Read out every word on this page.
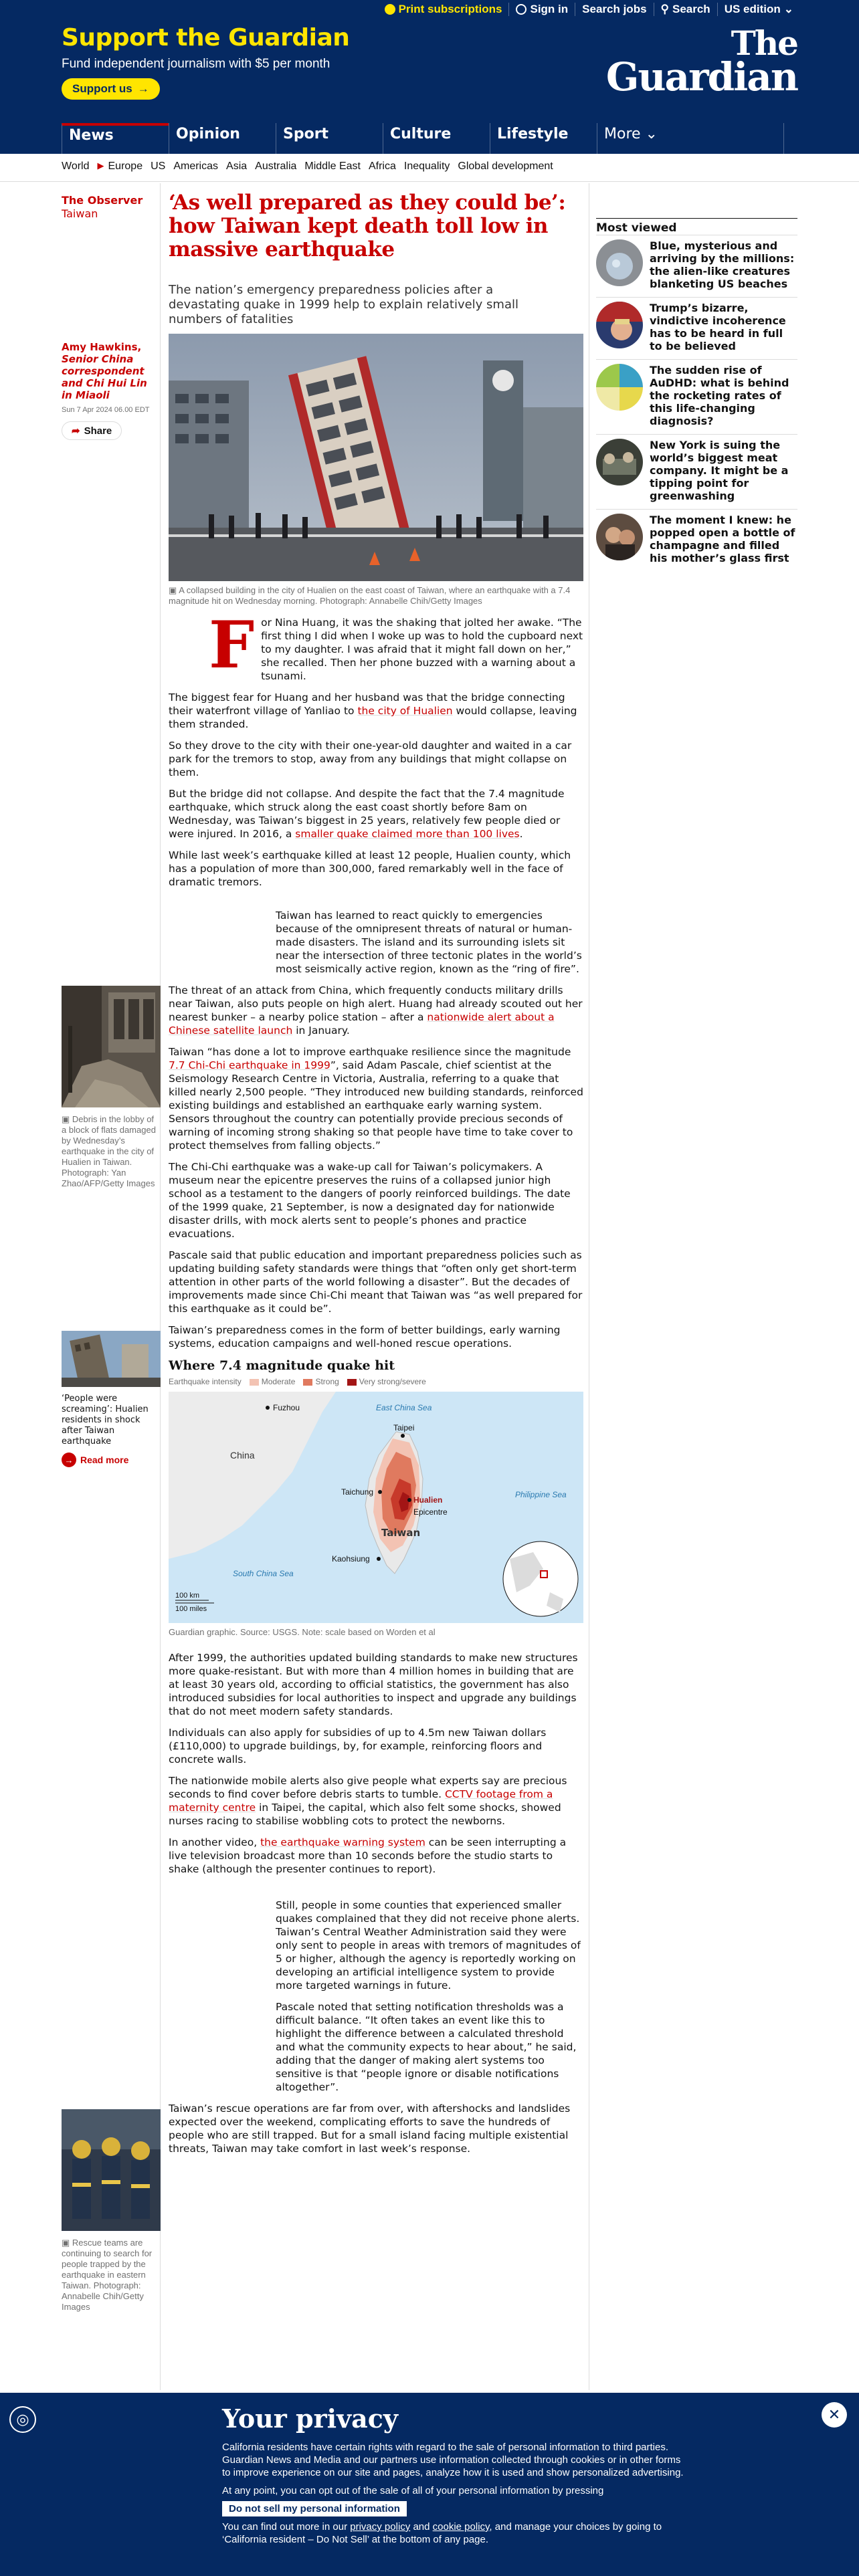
Print subscriptions Sign in	Search jobs	⚲ Search US edition ⌄
Support the Guardian

Fund independent journalism with $5 per month

Support us →
The
Guardian
News	Opinion	Sport	Culture	Lifestyle	More ⌄
World ▶ Europe US Americas Asia Australia Middle East Africa Inequality Global development
The Observer
Taiwan
Amy Hawkins,
Senior China correspondent
and Chi Hui Lin in Miaoli
Sun 7 Apr 2024 06.00 EDT
➦ Share
▣ Debris in the lobby of a block of flats damaged by Wednesday’s earthquake in the city of Hualien in Taiwan. Photograph: Yan Zhao/AFP/Getty Images
‘People were screaming’: Hualien residents in shock after Taiwan earthquake
→ Read more
▣ Rescue teams are continuing to search for people trapped by the earthquake in eastern Taiwan. Photograph: Annabelle Chih/Getty Images
‘As well prepared as they could be’: how Taiwan kept death toll low in massive earthquake

The nation’s emergency preparedness policies after a devastating quake in 1999 help to explain relatively small numbers of fatalities

▣ A collapsed building in the city of Hualien on the east coast of Taiwan, where an earthquake with a 7.4 magnitude hit on Wednesday morning. Photograph: Annabelle Chih/Getty Images

For Nina Huang, it was the shaking that jolted her awake. “The first thing I did when I woke up was to hold the cupboard next to my daughter. I was afraid that it might fall down on her,” she recalled. Then her phone buzzed with a warning about a tsunami.

The biggest fear for Huang and her husband was that the bridge connecting their waterfront village of Yanliao to the city of Hualien would collapse, leaving them stranded.

So they drove to the city with their one-year-old daughter and waited in a car park for the tremors to stop, away from any buildings that might collapse on them.

But the bridge did not collapse. And despite the fact that the 7.4 magnitude earthquake, which struck along the east coast shortly before 8am on Wednesday, was Taiwan’s biggest in 25 years, relatively few people died or were injured. In 2016, a smaller quake claimed more than 100 lives.

While last week’s earthquake killed at least 12 people, Hualien county, which has a population of more than 300,000, fared remarkably well in the face of dramatic tremors.

Taiwan has learned to react quickly to emergencies because of the omnipresent threats of natural or human-made disasters. The island and its surrounding islets sit near the intersection of three tectonic plates in the world’s most seismically active region, known as the “ring of fire”.

The threat of an attack from China, which frequently conducts military drills near Taiwan, also puts people on high alert. Huang had already scouted out her nearest bunker – a nearby police station – after a nationwide alert about a Chinese satellite launch in January.

Taiwan “has done a lot to improve earthquake resilience since the magnitude 7.7 Chi-Chi earthquake in 1999”, said Adam Pascale, chief scientist at the Seismology Research Centre in Victoria, Australia, referring to a quake that killed nearly 2,500 people. “They introduced new building standards, reinforced existing buildings and established an earthquake early warning system. Sensors throughout the country can potentially provide precious seconds of warning of incoming strong shaking so that people have time to take cover to protect themselves from falling objects.”

The Chi-Chi earthquake was a wake-up call for Taiwan’s policymakers. A museum near the epicentre preserves the ruins of a collapsed junior high school as a testament to the dangers of poorly reinforced buildings. The date of the 1999 quake, 21 September, is now a designated day for nationwide disaster drills, with mock alerts sent to people’s phones and practice evacuations.

Pascale said that public education and important preparedness policies such as updating building safety standards were things that “often only get short-term attention in other parts of the world following a disaster”. But the decades of improvements made since Chi-Chi meant that Taiwan was “as well prepared for this earthquake as it could be”.

Taiwan’s preparedness comes in the form of better buildings, early warning systems, education campaigns and well-honed rescue operations.

Where 7.4 magnitude quake hit
Earthquake intensity	Moderate	Strong	Very strong/severe
Fuzhou	East China Sea
China
Taipei
Taichung
Hualien
Epicentre
Philippine Sea
Taiwan
Kaohsiung
South China Sea
100 km
100 miles
Guardian graphic. Source: USGS. Note: scale based on Worden et al

After 1999, the authorities updated building standards to make new structures more quake-resistant. But with more than 4 million homes in building that are at least 30 years old, according to official statistics, the government has also introduced subsidies for local authorities to inspect and upgrade any buildings that do not meet modern safety standards.

Individuals can also apply for subsidies of up to 4.5m new Taiwan dollars (£110,000) to upgrade buildings, by, for example, reinforcing floors and concrete walls.

The nationwide mobile alerts also give people what experts say are precious seconds to find cover before debris starts to tumble. CCTV footage from a maternity centre in Taipei, the capital, which also felt some shocks, showed nurses racing to stabilise wobbling cots to protect the newborns.

In another video, the earthquake warning system can be seen interrupting a live television broadcast more than 10 seconds before the studio starts to shake (although the presenter continues to report).

Still, people in some counties that experienced smaller quakes complained that they did not receive phone alerts. Taiwan’s Central Weather Administration said they were only sent to people in areas with tremors of magnitudes of 5 or higher, although the agency is reportedly working on developing an artificial intelligence system to provide more targeted warnings in future.

Pascale noted that setting notification thresholds was a difficult balance. “It often takes an event like this to highlight the difference between a calculated threshold and what the community expects to hear about,” he said, adding that the danger of making alert systems too sensitive is that “people ignore or disable notifications altogether”.

Taiwan’s rescue operations are far from over, with aftershocks and landslides expected over the weekend, complicating efforts to save the hundreds of people who are still trapped. But for a small island facing multiple existential threats, Taiwan may take comfort in last week’s response.

Most viewed
Blue, mysterious and arriving by the millions: the alien-like creatures blanketing US beaches
Trump’s bizarre, vindictive incoherence has to be heard in full to be believed
The sudden rise of AuDHD: what is behind the rocketing rates of this life-changing diagnosis?
New York is suing the world’s biggest meat company. It might be a tipping point for greenwashing
The moment I knew: he popped open a bottle of champagne and filled his mother’s glass first
◎	Your privacy

California residents have certain rights with regard to the sale of personal information to third parties. Guardian News and Media and our partners use information collected through cookies or in other forms to improve experience on our site and pages, analyze how it is used and show personalized advertising.

At any point, you can opt out of the sale of all of your personal information by pressing

Do not sell my personal information

You can find out more in our privacy policy and cookie policy, and manage your choices by going to ‘California resident – Do Not Sell’ at the bottom of any page.

✕
